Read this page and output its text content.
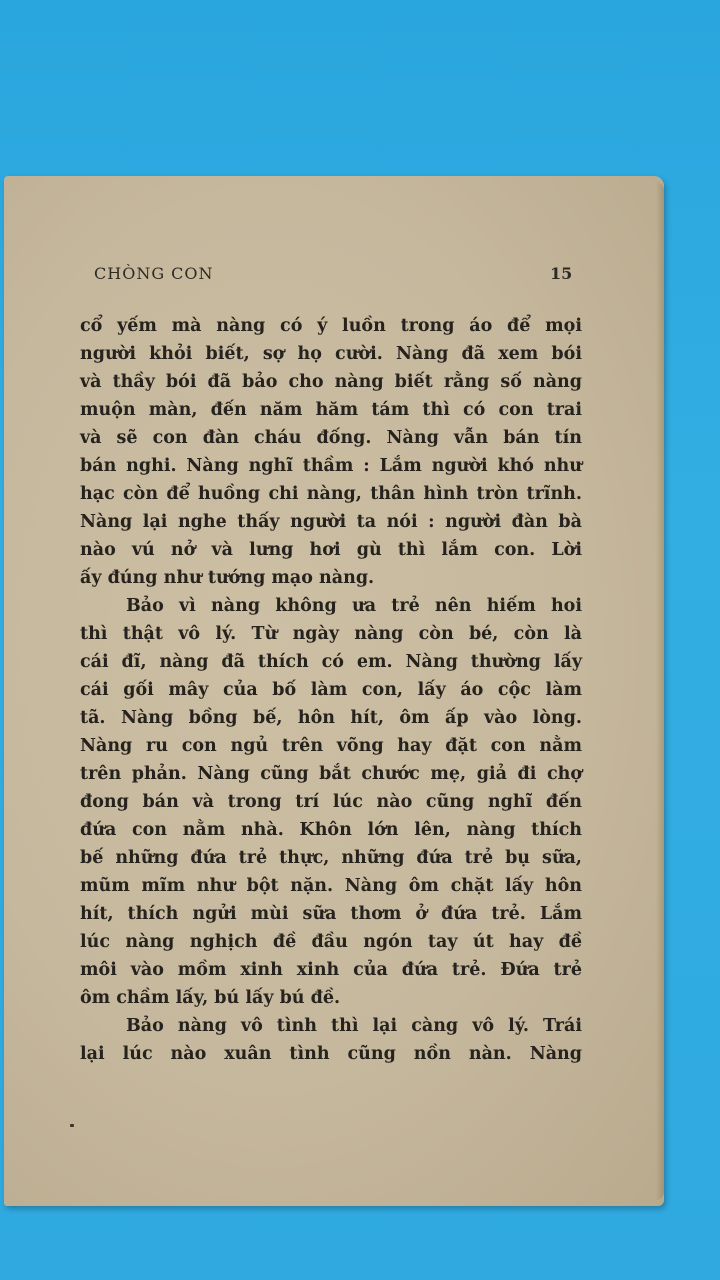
CHÒNG CON	15
cổ yếm mà nàng có ý luồn trong áo để mọi
người khỏi biết, sợ họ cười. Nàng đã xem bói
và thầy bói đã bảo cho nàng biết rằng số nàng
muộn màn, đến năm hăm tám thì có con trai
và sẽ con đàn cháu đống. Nàng vẫn bán tín
bán nghi. Nàng nghĩ thầm : Lắm người khó như
hạc còn để huồng chi nàng, thân hình tròn trĩnh.
Nàng lại nghe thấy người ta nói : người đàn bà
nào vú nở và lưng hơi gù thì lắm con. Lời
ấy đúng như tướng mạo nàng.
Bảo vì nàng không ưa trẻ nên hiếm hoi
thì thật vô lý. Từ ngày nàng còn bé, còn là
cái đĩ, nàng đã thích có em. Nàng thường lấy
cái gối mây của bố làm con, lấy áo cộc làm
tã. Nàng bồng bế, hôn hít, ôm ấp vào lòng.
Nàng ru con ngủ trên võng hay đặt con nằm
trên phản. Nàng cũng bắt chước mẹ, giả đi chợ
đong bán và trong trí lúc nào cũng nghĩ đến
đứa con nằm nhà. Khôn lớn lên, nàng thích
bế những đứa trẻ thực, những đứa trẻ bụ sữa,
mũm mĩm như bột nặn. Nàng ôm chặt lấy hôn
hít, thích ngửi mùi sữa thơm ở đứa trẻ. Lắm
lúc nàng nghịch đề đầu ngón tay út hay đề
môi vào mồm xinh xinh của đứa trẻ. Đứa trẻ
ôm chầm lấy, bú lấy bú đề.
Bảo nàng vô tình thì lại càng vô lý. Trái
lại lúc nào xuân tình cũng nồn nàn. Nàng
